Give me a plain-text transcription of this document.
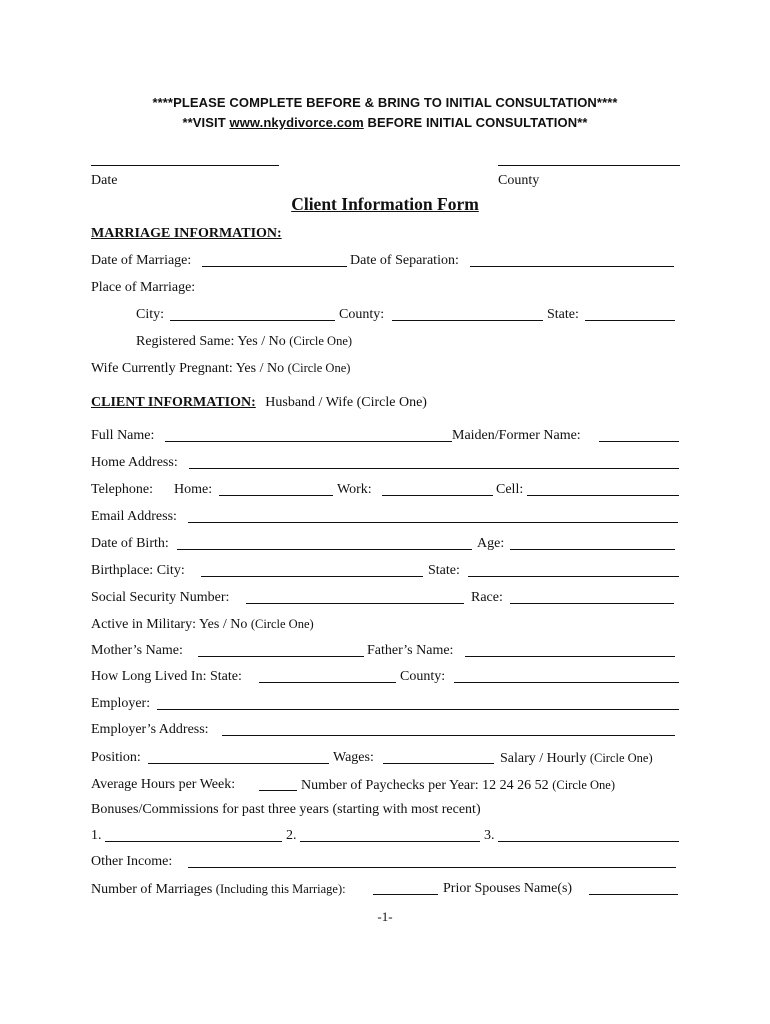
****PLEASE COMPLETE BEFORE & BRING TO INITIAL CONSULTATION****
**VISIT www.nkydivorce.com BEFORE INITIAL CONSULTATION**
Date	County
Client Information Form
MARRIAGE INFORMATION:
Date of Marriage:	Date of Separation:
Place of Marriage:
City:	County:	State:
Registered Same: Yes / No (Circle One)
Wife Currently Pregnant: Yes / No (Circle One)
CLIENT INFORMATION: Husband / Wife (Circle One)
Full Name:	Maiden/Former Name:
Home Address:
Telephone: Home:	Work:	Cell:
Email Address:
Date of Birth:	Age:
Birthplace: City:	State:
Social Security Number:	Race:
Active in Military: Yes / No (Circle One)
Mother’s Name:	Father’s Name:
How Long Lived In: State:	County:
Employer:
Employer’s Address:
Position:	Wages:	Salary / Hourly (Circle One)
Average Hours per Week:	Number of Paychecks per Year: 12 24 26 52 (Circle One)
Bonuses/Commissions for past three years (starting with most recent)
1.	2.	3.
Other Income:
Number of Marriages (Including this Marriage):	Prior Spouses Name(s)
-1-
